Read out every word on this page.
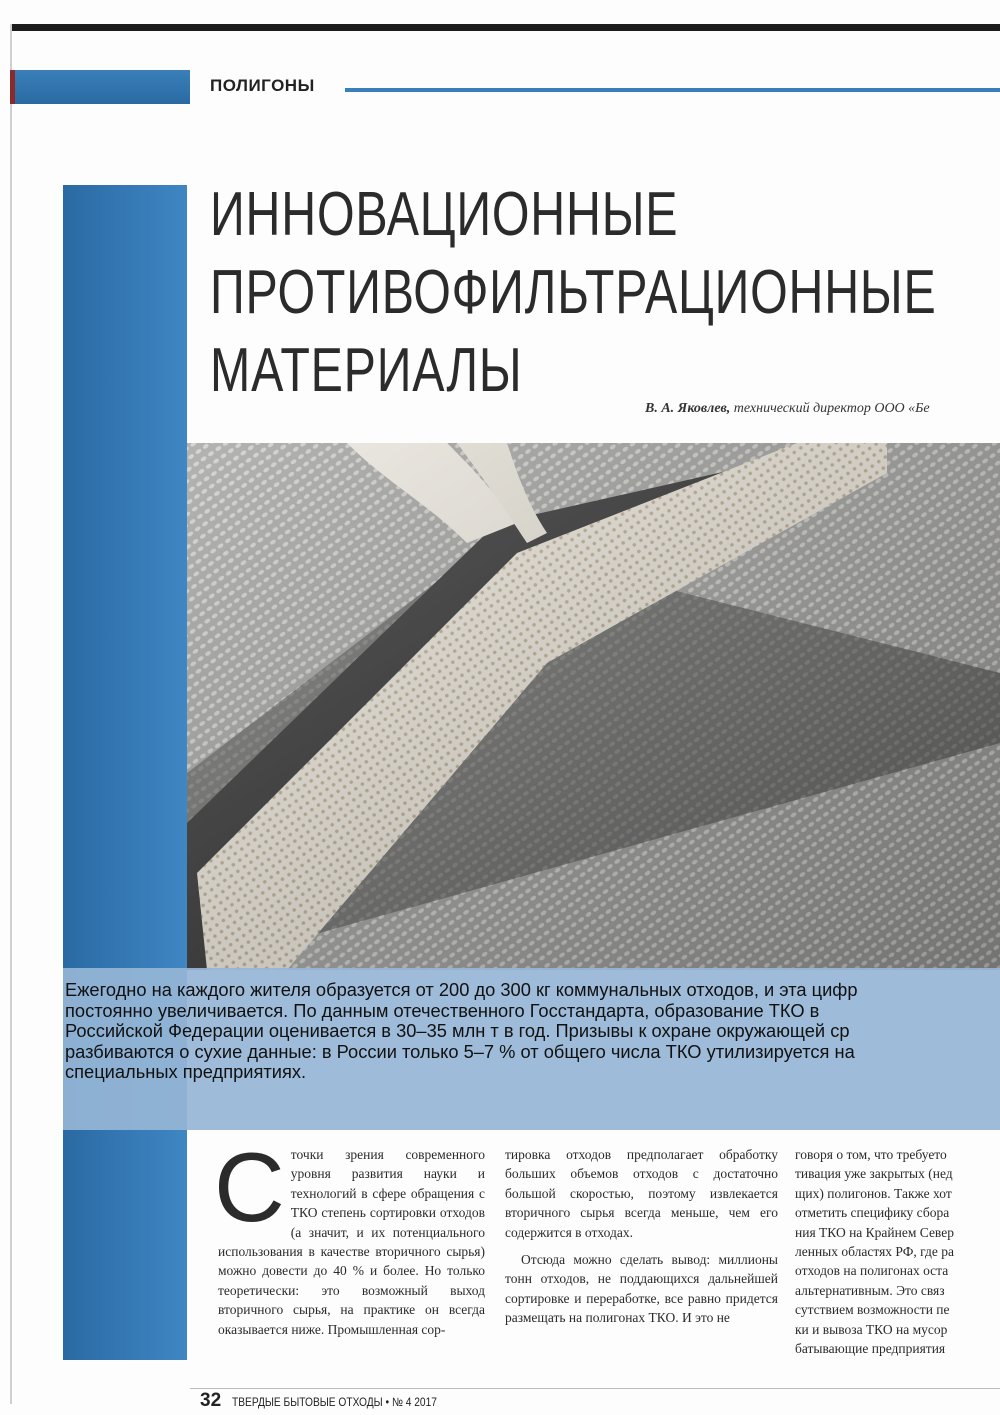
ПОЛИГОНЫ
ИННОВАЦИОННЫЕ
ПРОТИВОФИЛЬТРАЦИОННЫЕ
МАТЕРИАЛЫ
В. А. Яковлев, технический директор ООО «Бе

Ежегодно на каждого жителя образуется от 200 до 300 кг коммунальных отходов, и эта цифр
постоянно увеличивается. По данным отечественного Госстандарта, образование ТКО в
Российской Федерации оценивается в 30–35 млн т в год. Призывы к охране окружающей ср
разбиваются о сухие данные: в России только 5–7 % от общего числа ТКО утилизируется на
специальных предприятиях.

С точки зрения современного уровня развития науки и технологий в сфере обращения с ТКО степень сортировки отходов (а значит, и их потенциального использования в качестве вторичного сырья) можно довести до 40 % и более. Но только теоретически: это возможный выход вторичного сырья, на практике он всегда оказывается ниже. Промышленная сор-

тировка отходов предполагает обработку больших объемов отходов с достаточно большой скоростью, поэтому извлекается вторичного сырья всегда меньше, чем его содержится в отходах.

Отсюда можно сделать вывод: миллионы тонн отходов, не поддающихся дальнейшей сортировке и переработке, все равно придется размещать на полигонах ТКО. И это не

говоря о том, что требуето
тивация уже закрытых (нед
щих) полигонов. Также хот
отметить специфику сбора
ния ТКО на Крайнем Север
ленных областях РФ, где ра
отходов на полигонах оста
альтернативным. Это связ
сутствием возможности пе
ки и вывоза ТКО на мусор
батывающие предприятия

32 ТВЕРДЫЕ БЫТОВЫЕ ОТХОДЫ • № 4 2017
